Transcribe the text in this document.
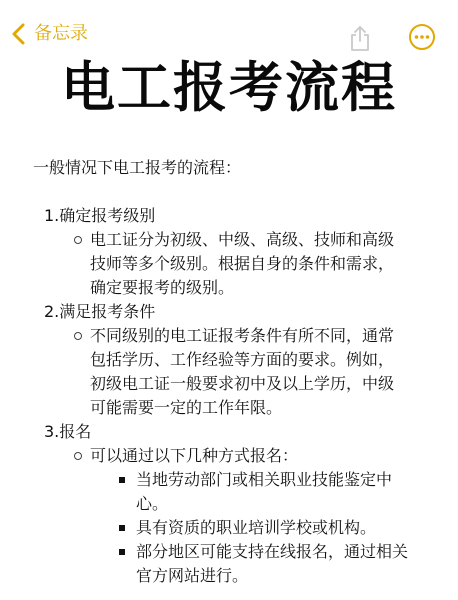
备忘录
电工报考流程
一般情况下电工报考的流程：
1.确定报考级别

电工证分为初级、中级、高级、技师和高级

技师等多个级别。根据自身的条件和需求，

确定要报考的级别。

2.满足报考条件

不同级别的电工证报考条件有所不同，通常

包括学历、工作经验等方面的要求。例如，

初级电工证一般要求初中及以上学历，中级

可能需要一定的工作年限。

3.报名

可以通过以下几种方式报名：

当地劳动部门或相关职业技能鉴定中

心。

具有资质的职业培训学校或机构。

部分地区可能支持在线报名，通过相关

官方网站进行。
